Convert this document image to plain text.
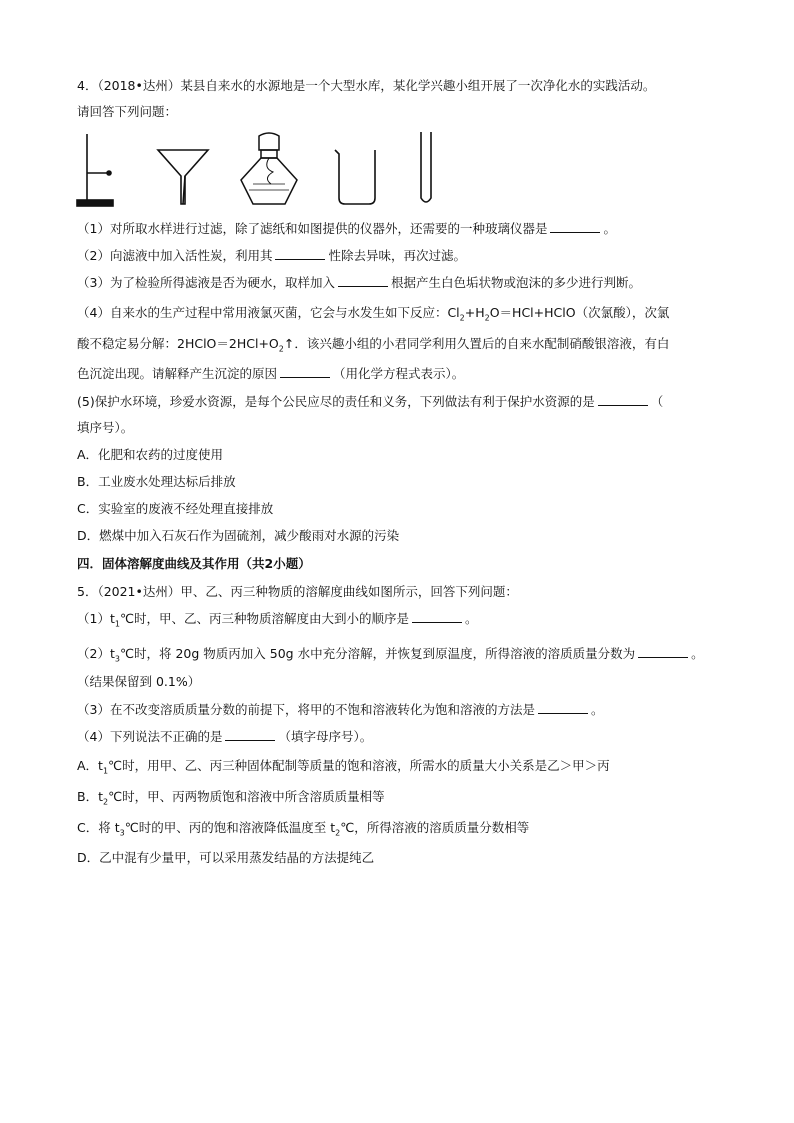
4．（2018•达州）某县自来水的水源地是一个大型水库，某化学兴趣小组开展了一次净化水的实践活动。
请回答下列问题：
（1）对所取水样进行过滤，除了滤纸和如图提供的仪器外，还需要的一种玻璃仪器是	。
（2）向滤液中加入活性炭，利用其	性除去异味，再次过滤。
（3）为了检验所得滤液是否为硬水，取样加入	根据产生白色垢状物或泡沫的多少进行判断。
（4）自来水的生产过程中常用液氯灭菌，它会与水发生如下反应：$Cl_2+H_2O=HCl+HClO$（次氯酸），次氯
酸不稳定易分解：$2HClO=2HCl+O_2↑$．该兴趣小组的小君同学利用久置后的自来水配制硝酸银溶液，有白
色沉淀出现。请解释产生沉淀的原因	（用化学方程式表示）。
(5)保护水环境，珍爱水资源，是每个公民应尽的责任和义务，下列做法有利于保护水资源的是	（
填序号）。
A．化肥和农药的过度使用
B．工业废水处理达标后排放
C．实验室的废液不经处理直接排放
D．燃煤中加入石灰石作为固硫剂，减少酸雨对水源的污染
四．固体溶解度曲线及其作用（共2小题）
5．（2021•达州）甲、乙、丙三种物质的溶解度曲线如图所示，回答下列问题：
$(1)t_1℃$时，甲、乙、丙三种物质溶解度由大到小的顺序是	。
$(2)t_3℃$时，将 20g 物质丙加入 50g 水中充分溶解，并恢复到原温度，所得溶液的溶质质量分数为	。
（结果保留到 0.1%）
（3）在不改变溶质质量分数的前提下，将甲的不饱和溶液转化为饱和溶液的方法是	。
（4）下列说法不正确的是	（填字母序号）。
A．$t_1℃$时，用甲、乙、丙三种固体配制等质量的饱和溶液，所需水的质量大小关系是乙＞甲＞丙
B．$t_2℃$时，甲、丙两物质饱和溶液中所含溶质质量相等
C．将 $t_3℃$时的甲、丙的饱和溶液降低温度至 $t_2℃$，所得溶液的溶质质量分数相等
D．乙中混有少量甲，可以采用蒸发结晶的方法提纯乙
